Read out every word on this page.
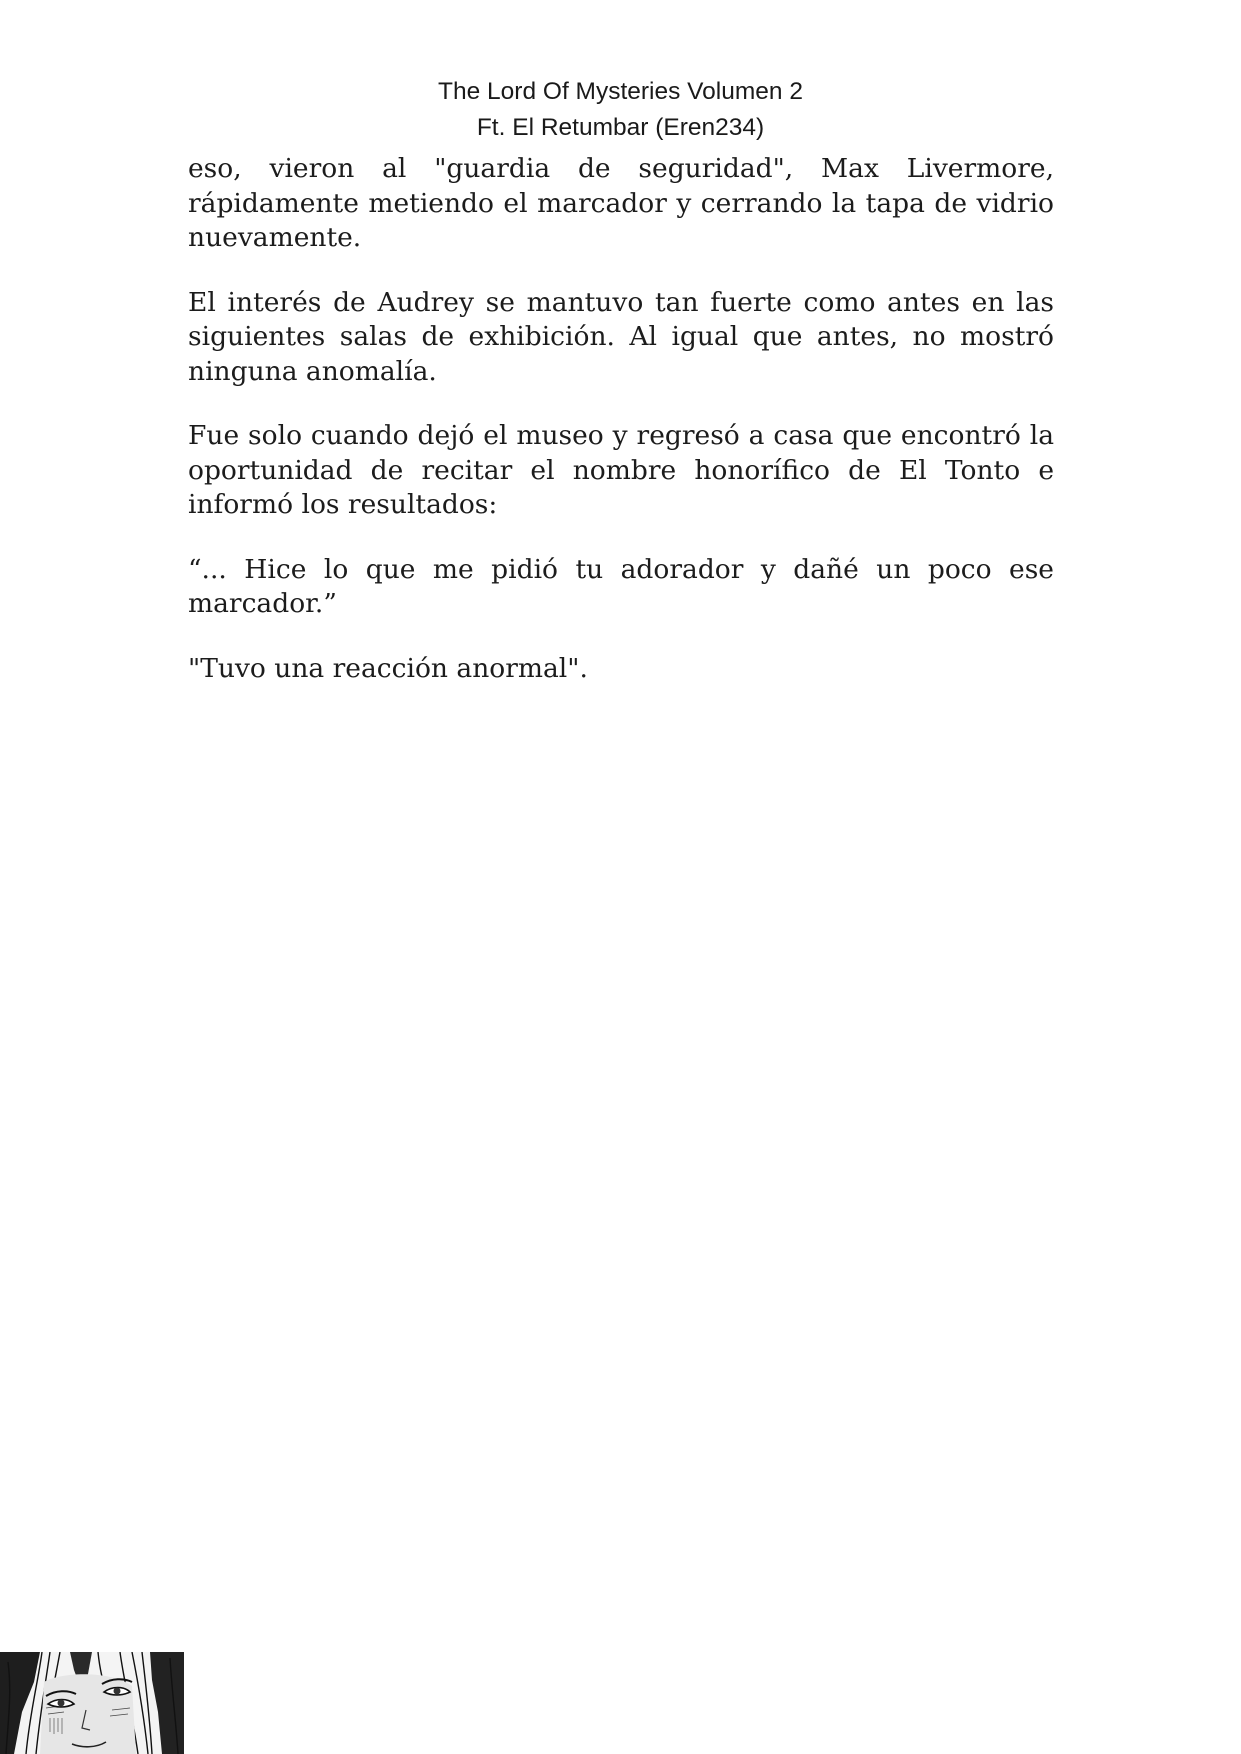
The Lord Of Mysteries Volumen 2
Ft. El Retumbar (Eren234)

eso, vieron al "guardia de seguridad", Max Livermore, rápidamente metiendo el marcador y cerrando la tapa de vidrio nuevamente.

El interés de Audrey se mantuvo tan fuerte como antes en las siguientes salas de exhibición. Al igual que antes, no mostró ninguna anomalía.

Fue solo cuando dejó el museo y regresó a casa que encontró la oportunidad de recitar el nombre honorífico de El Tonto e informó los resultados:

“... Hice lo que me pidió tu adorador y dañé un poco ese marcador.”

"Tuvo una reacción anormal".
